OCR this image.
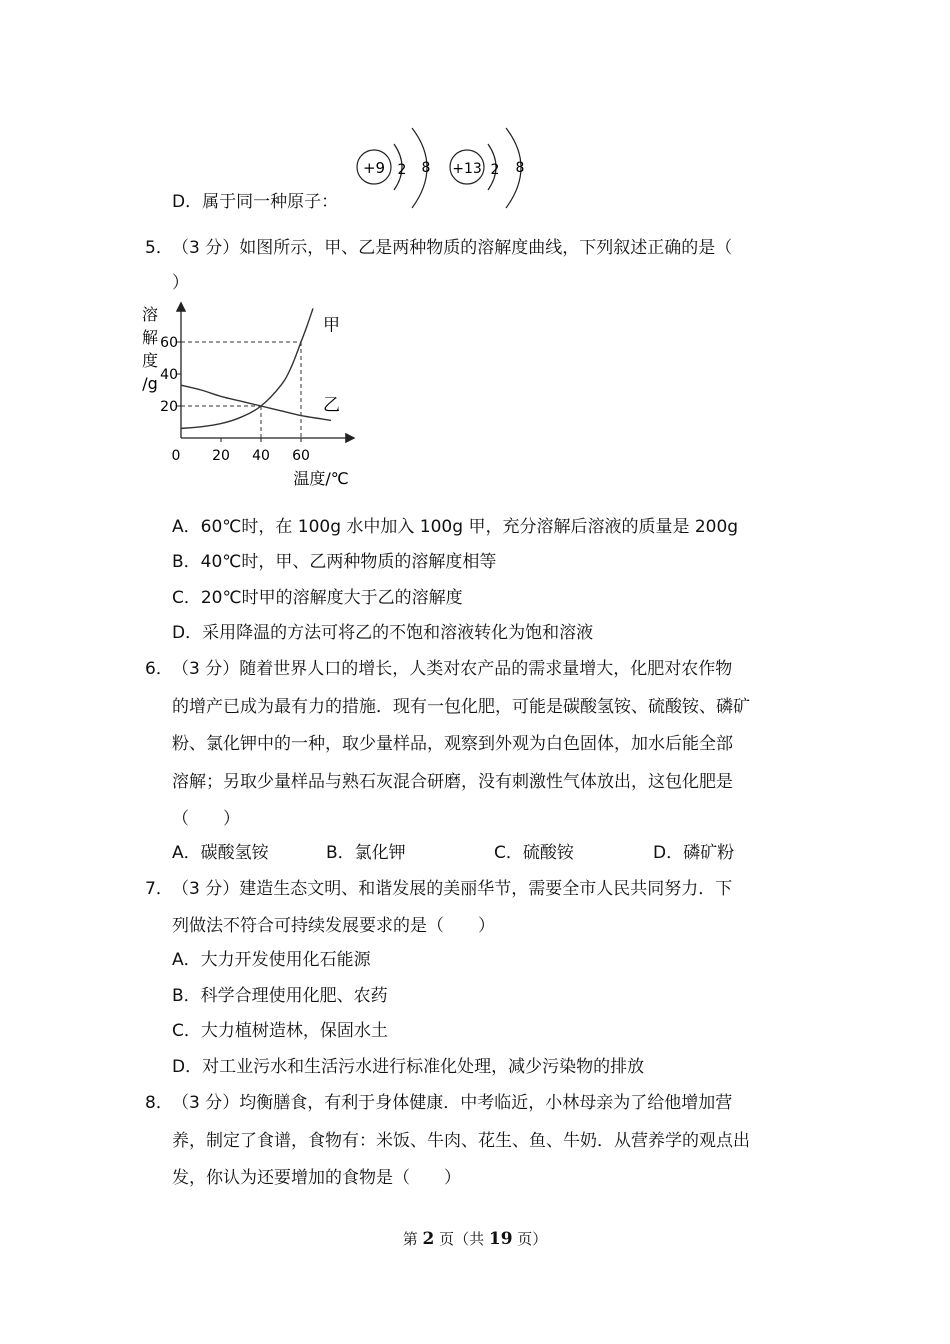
D．属于同一种原子：
+9 2 8 +13 2 8
5． （3 分）如图所示，甲、乙是两种物质的溶解度曲线，下列叙述正确的是（
）
溶
解
度
/g
0
温度/℃
20 40 60
20
40
60
甲
乙
A．60℃时，在 100g 水中加入 100g 甲，充分溶解后溶液的质量是 200g
B．40℃时，甲、乙两种物质的溶解度相等
C．20℃时甲的溶解度大于乙的溶解度
D．采用降温的方法可将乙的不饱和溶液转化为饱和溶液
6． （3 分）随着世界人口的增长，人类对农产品的需求量增大，化肥对农作物
的增产已成为最有力的措施．现有一包化肥，可能是碳酸氢铵、硫酸铵、磷矿
粉、氯化钾中的一种，取少量样品，观察到外观为白色固体，加水后能全部
溶解；另取少量样品与熟石灰混合研磨，没有刺激性气体放出，这包化肥是
（　　）
A．碳酸氢铵	B．氯化钾	C．硫酸铵	D．磷矿粉
7． （3 分）建造生态文明、和谐发展的美丽华节，需要全市人民共同努力．下
列做法不符合可持续发展要求的是（　　）
A．大力开发使用化石能源
B．科学合理使用化肥、农药
C．大力植树造林，保固水土
D．对工业污水和生活污水进行标准化处理，减少污染物的排放
8． （3 分）均衡膳食，有利于身体健康．中考临近，小林母亲为了给他增加营
养，制定了食谱，食物有：米饭、牛肉、花生、鱼、牛奶．从营养学的观点出
发，你认为还要增加的食物是（　　）
第 2 页（共 19 页）
